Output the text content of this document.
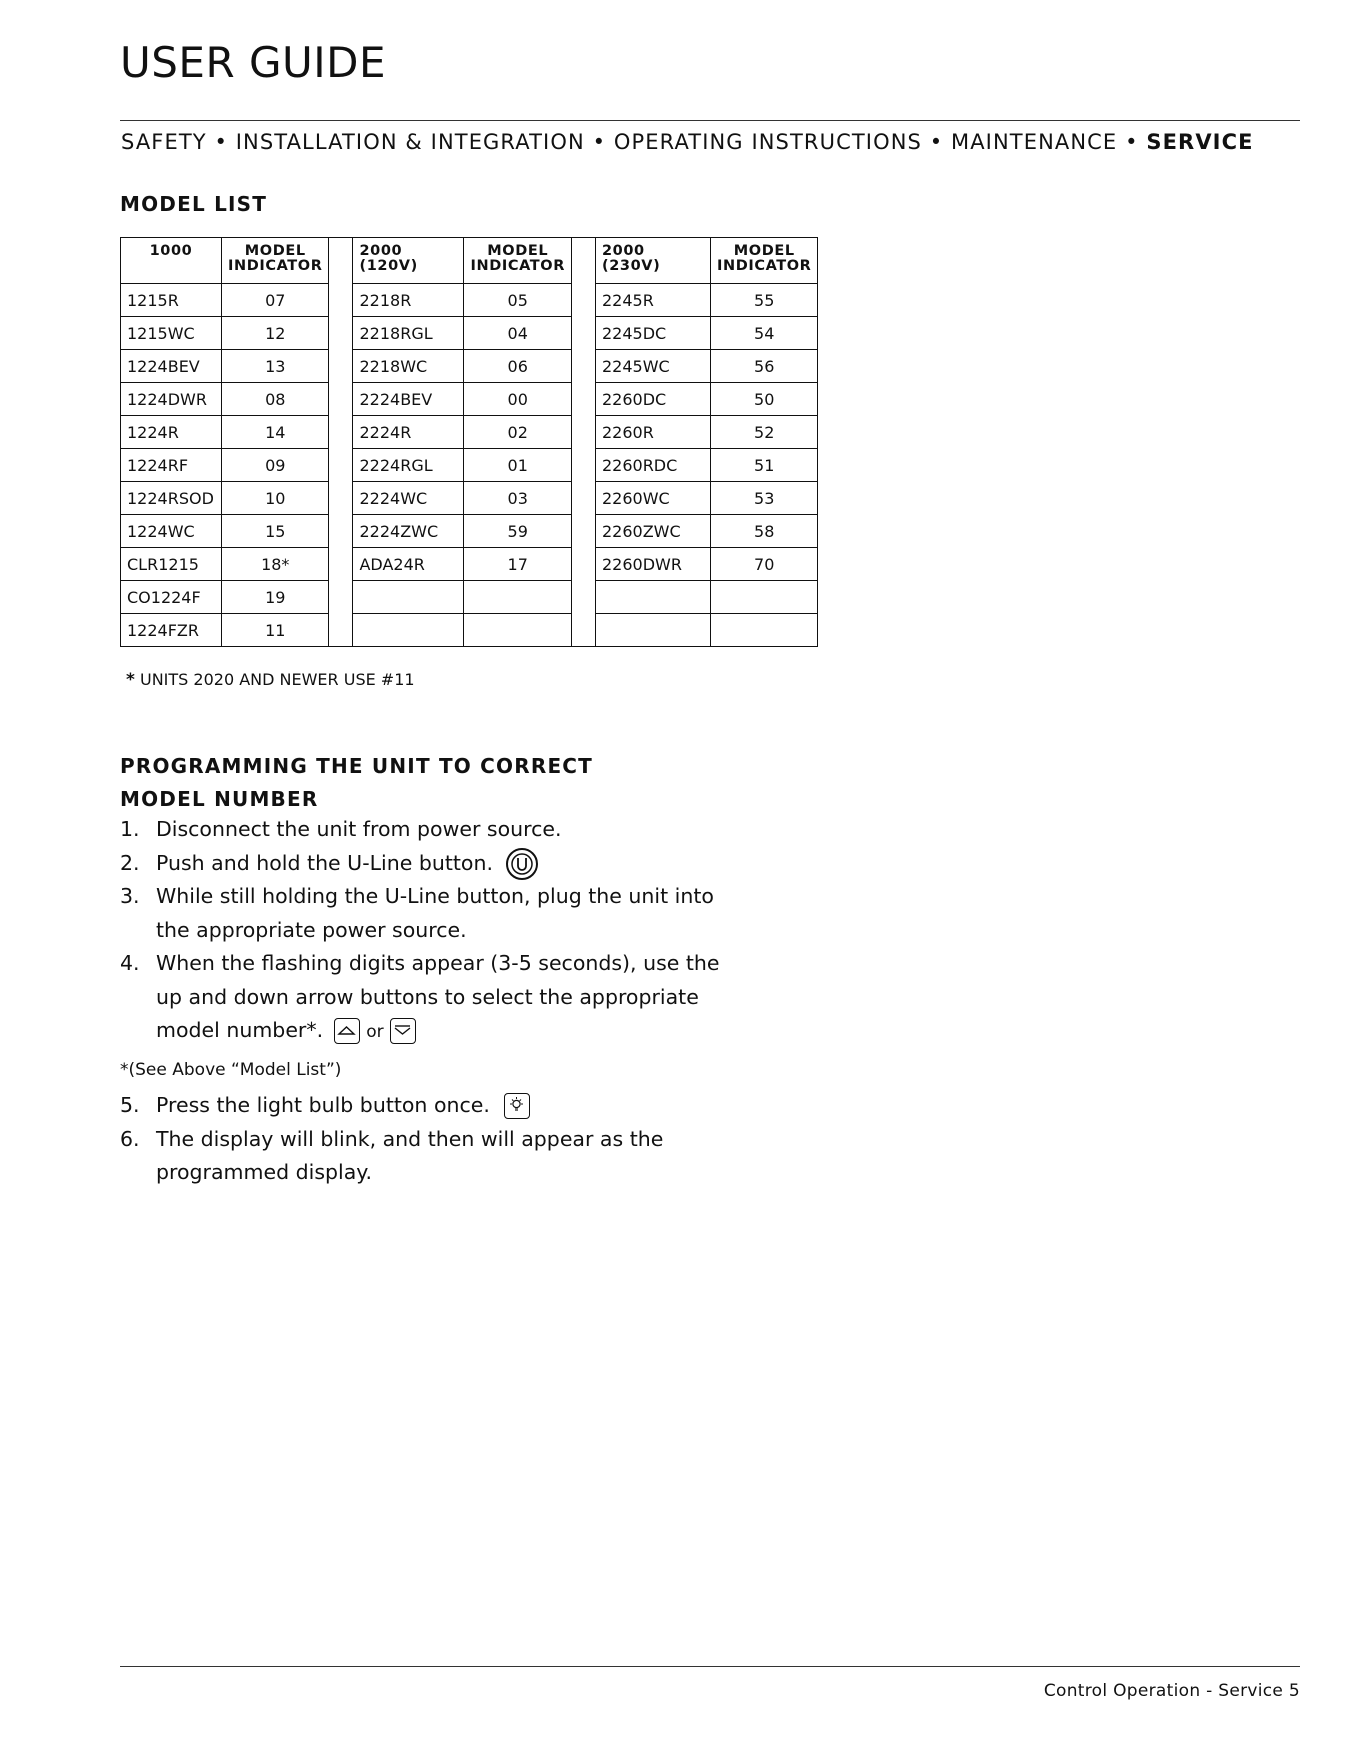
USER GUIDE
SAFETY • INSTALLATION & INTEGRATION • OPERATING INSTRUCTIONS • MAINTENANCE • SERVICE
MODEL LIST
1000	MODEL INDICATOR		2000 (120V)	MODEL INDICATOR		2000 (230V)	MODEL INDICATOR
1215R	07		2218R	05		2245R	55
1215WC	12		2218RGL	04		2245DC	54
1224BEV	13		2218WC	06		2245WC	56
1224DWR	08		2224BEV	00		2260DC	50
1224R	14		2224R	02		2260R	52
1224RF	09		2224RGL	01		2260RDC	51
1224RSOD	10		2224WC	03		2260WC	53
1224WC	15		2224ZWC	59		2260ZWC	58
CLR1215	18*		ADA24R	17		2260DWR	70
CO1224F	19						
1224FZR	11						
* UNITS 2020 AND NEWER USE #11
PROGRAMMING THE UNIT TO CORRECT
MODEL NUMBER
1. Disconnect the unit from power source.
2. Push and hold the U-Line button.
3. While still holding the U-Line button, plug the unit into the appropriate power source.
4. When the flashing digits appear (3-5 seconds), use the up and down arrow buttons to select the appropriate model number*.	or
*(See Above “Model List”)
5. Press the light bulb button once.
6. The display will blink, and then will appear as the programmed display.
Control Operation - Service 5
